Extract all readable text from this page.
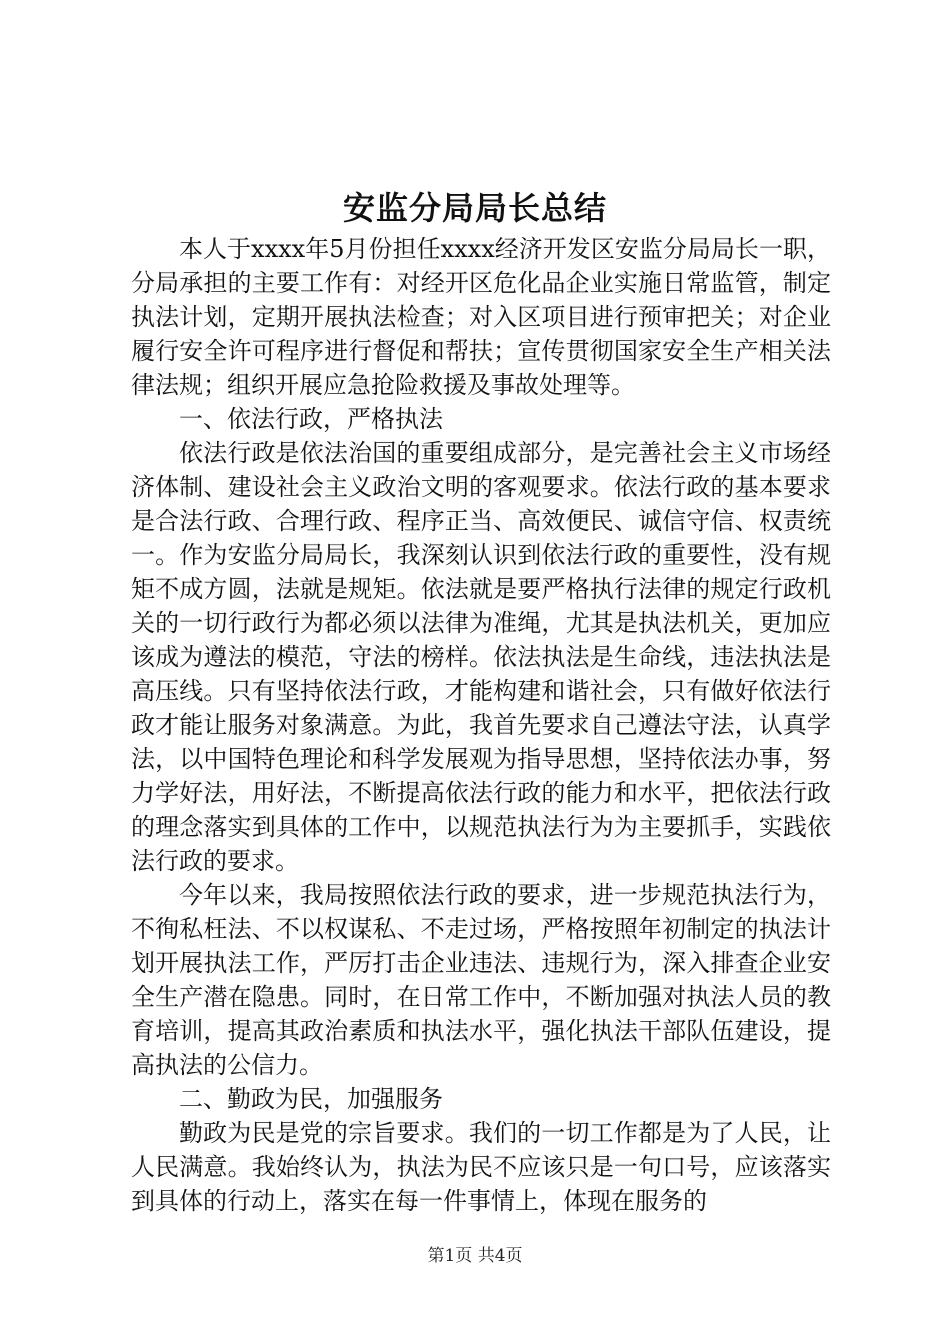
安监分局局长总结

本人于xxxx年5月份担任xxxx经济开发区安监分局局长一职，分局承担的主要工作有：对经开区危化品企业实施日常监管，制定执法计划，定期开展执法检查；对入区项目进行预审把关；对企业履行安全许可程序进行督促和帮扶；宣传贯彻国家安全生产相关法律法规；组织开展应急抢险救援及事故处理等。

一、依法行政，严格执法

依法行政是依法治国的重要组成部分，是完善社会主义市场经济体制、建设社会主义政治文明的客观要求。依法行政的基本要求是合法行政、合理行政、程序正当、高效便民、诚信守信、权责统一。作为安监分局局长，我深刻认识到依法行政的重要性，没有规矩不成方圆，法就是规矩。依法就是要严格执行法律的规定行政机关的一切行政行为都必须以法律为准绳，尤其是执法机关，更加应该成为遵法的模范，守法的榜样。依法执法是生命线，违法执法是高压线。只有坚持依法行政，才能构建和谐社会，只有做好依法行政才能让服务对象满意。为此，我首先要求自己遵法守法，认真学法，以中国特色理论和科学发展观为指导思想，坚持依法办事，努力学好法，用好法，不断提高依法行政的能力和水平，把依法行政的理念落实到具体的工作中，以规范执法行为为主要抓手，实践依法行政的要求。

今年以来，我局按照依法行政的要求，进一步规范执法行为，不徇私枉法、不以权谋私、不走过场，严格按照年初制定的执法计划开展执法工作，严厉打击企业违法、违规行为，深入排查企业安全生产潜在隐患。同时，在日常工作中，不断加强对执法人员的教育培训，提高其政治素质和执法水平，强化执法干部队伍建设，提高执法的公信力。

二、勤政为民，加强服务

勤政为民是党的宗旨要求。我们的一切工作都是为了人民，让人民满意。我始终认为，执法为民不应该只是一句口号，应该落实到具体的行动上，落实在每一件事情上，体现在服务的

第1页 共4页
